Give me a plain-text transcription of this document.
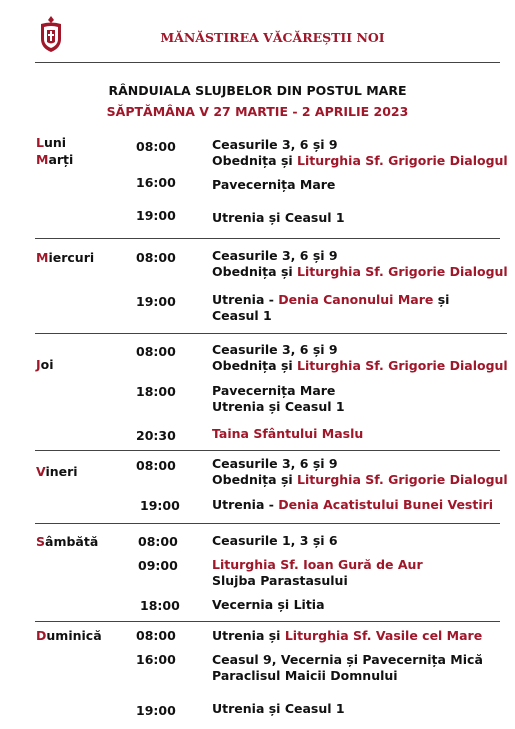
MĂNĂSTIREA VĂCĂREȘTII NOI
RÂNDUIALA SLUJBELOR DIN POSTUL MARE
SĂPTĂMÂNA V 27 MARTIE - 2 APRILIE 2023
Luni
Marți
08:00	Ceasurile 3, 6 și 9
Obednița și Liturghia Sf. Grigorie Dialogul
16:00	Pavecernița Mare
19:00	Utrenia și Ceasul 1
Miercuri	08:00	Ceasurile 3, 6 și 9
Obednița și Liturghia Sf. Grigorie Dialogul
19:00	Utrenia - Denia Canonului Mare și
Ceasul 1
Joi
08:00	Ceasurile 3, 6 și 9
Obednița și Liturghia Sf. Grigorie Dialogul
18:00	Pavecernița Mare
Utrenia și Ceasul 1
20:30	Taina Sfântului Maslu
Vineri	08:00	Ceasurile 3, 6 și 9
Obednița și Liturghia Sf. Grigorie Dialogul
19:00	Utrenia - Denia Acatistului Bunei Vestiri
Sâmbătă	08:00	Ceasurile 1, 3 și 6
09:00	Liturghia Sf. Ioan Gură de Aur
Slujba Parastasului
18:00	Vecernia și Litia
Duminică	08:00	Utrenia și Liturghia Sf. Vasile cel Mare
16:00	Ceasul 9, Vecernia și Pavecernița Mică
Paraclisul Maicii Domnului
19:00	Utrenia și Ceasul 1
